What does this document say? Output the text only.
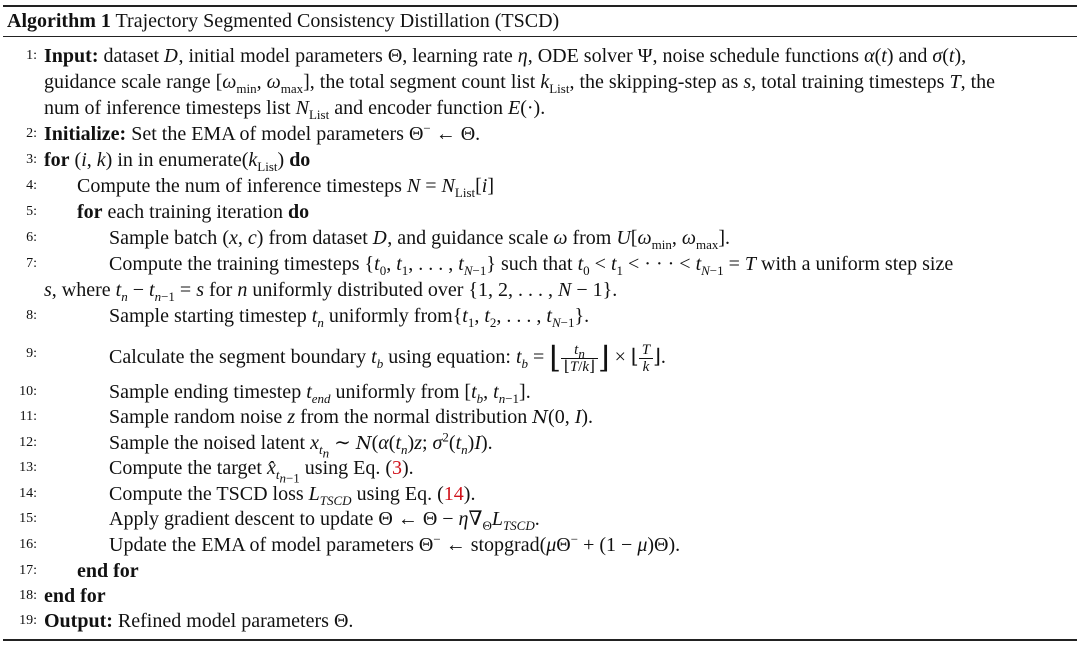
Algorithm 1 Trajectory Segmented Consistency Distillation (TSCD)
1: Input: dataset D, initial model parameters Θ, learning rate η, ODE solver Ψ, noise schedule functions α(t) and σ(t),
guidance scale range [$\omega_{min}$, $\omega_{max}$], the total segment count list $k_{List}$, the skipping-step as s, total training timesteps T, the
num of inference timesteps list $N_{List}$ and encoder function E(·).
2: Initialize: Set the EMA of model parameters Θ− ← Θ.
3: for (i, k) in in $enumerate(k_{List})$ do
4: Compute the num of inference timesteps $N = N_{List}[i]$
5: for each training iteration do
6:	Sample batch (x, c) from dataset D, and guidance scale ω from $U[\omega_{min}$, $\omega_{max}$].
7:	Compute the training timesteps {$t_0$, $t_1$, . . . , $t_{N-1}$} such that $t_0 < t_1$ < · · · < $t_{N-1} = T$ with a uniform step size
s, where $t_n - t_{n-1} = s$ for n uniformly distributed over {1, 2, . . . , N − 1}.
8:	Sample starting timestep $t_n$ uniformly $from\{t_1$, $t_2$, . . . , $t_{N-1}$}.
9:	Calculate the segment boundary $t_b$ using equation: $t_b$ = ⌊ $\frac{t_n}{⌊T/k⌋}$ ⌋ × ⌊ $\frac{T}{k}$ ⌋.
10:	Sample ending timestep $t_{end}$ uniformly from [$t_b$, $t_{n-1}$].
11:	Sample random noise z from the normal distribution N(0, I).
12:	Sample the noised latent $x_{t_n}$ ∼ $N(\alpha(t_n)z$; $\sigma^2(t_n)I$).
13:	Compute the target $x̂_{t_{n-1}}$ using Eq. (3).
14:	Compute the TSCD loss $L_{TSCD}$ using Eq. (14).
15:	Apply gradient descent to update Θ ← $\Theta - \eta\nabla_\Theta L_{TSCD}$.
16:	Update the EMA of model parameters Θ− ← stopgrad(μΘ− + (1 − μ)Θ).
17: end for
18: end for
19: Output: Refined model parameters Θ.
